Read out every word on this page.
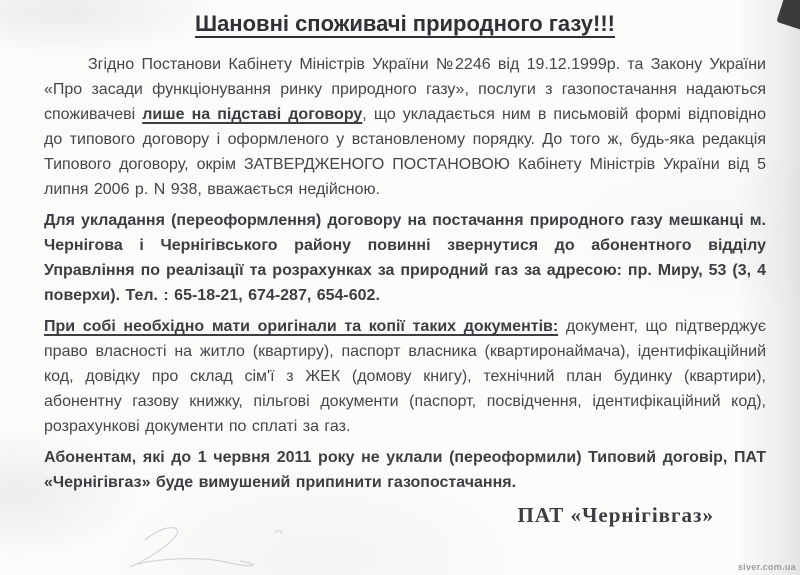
Шановні споживачі природного газу!!!

Згідно Постанови Кабінету Міністрів України №2246 від 19.12.1999р. та Закону України «Про засади функціонування ринку природного газу», послуги з газопостачання надаються споживачеві лише на підставі договору, що укладається ним в письмовій формі відповідно до типового договору і оформленого у встановленому порядку. До того ж, будь-яка редакція Типового договору, окрім ЗАТВЕРДЖЕНОГО ПОСТАНОВОЮ Кабінету Міністрів України від 5 липня 2006 р. N 938, вважається недійсною.

Для укладання (переоформлення) договору на постачання природного газу мешканці м. Чернігова і Чернігівського району повинні звернутися до абонентного відділу Управління по реалізації та розрахунках за природний газ за адресою: пр. Миру, 53 (3, 4 поверхи). Тел. : 65-18-21, 674-287, 654-602.

При собі необхідно мати оригінали та копії таких документів: документ, що підтверджує право власності на житло (квартиру), паспорт власника (квартиронаймача), ідентифікаційний код, довідку про склад сім'ї з ЖЕК (домову книгу), технічний план будинку (квартири), абонентну газову книжку, пільгові документи (паспорт, посвідчення, ідентифікаційний код), розрахункові документи по сплаті за газ.

Абонентам, які до 1 червня 2011 року не уклали (переоформили) Типовий договір, ПАТ «Чернігівгаз» буде вимушений припинити газопостачання.

ПАТ «Чернігівгаз»
siver.com.ua
